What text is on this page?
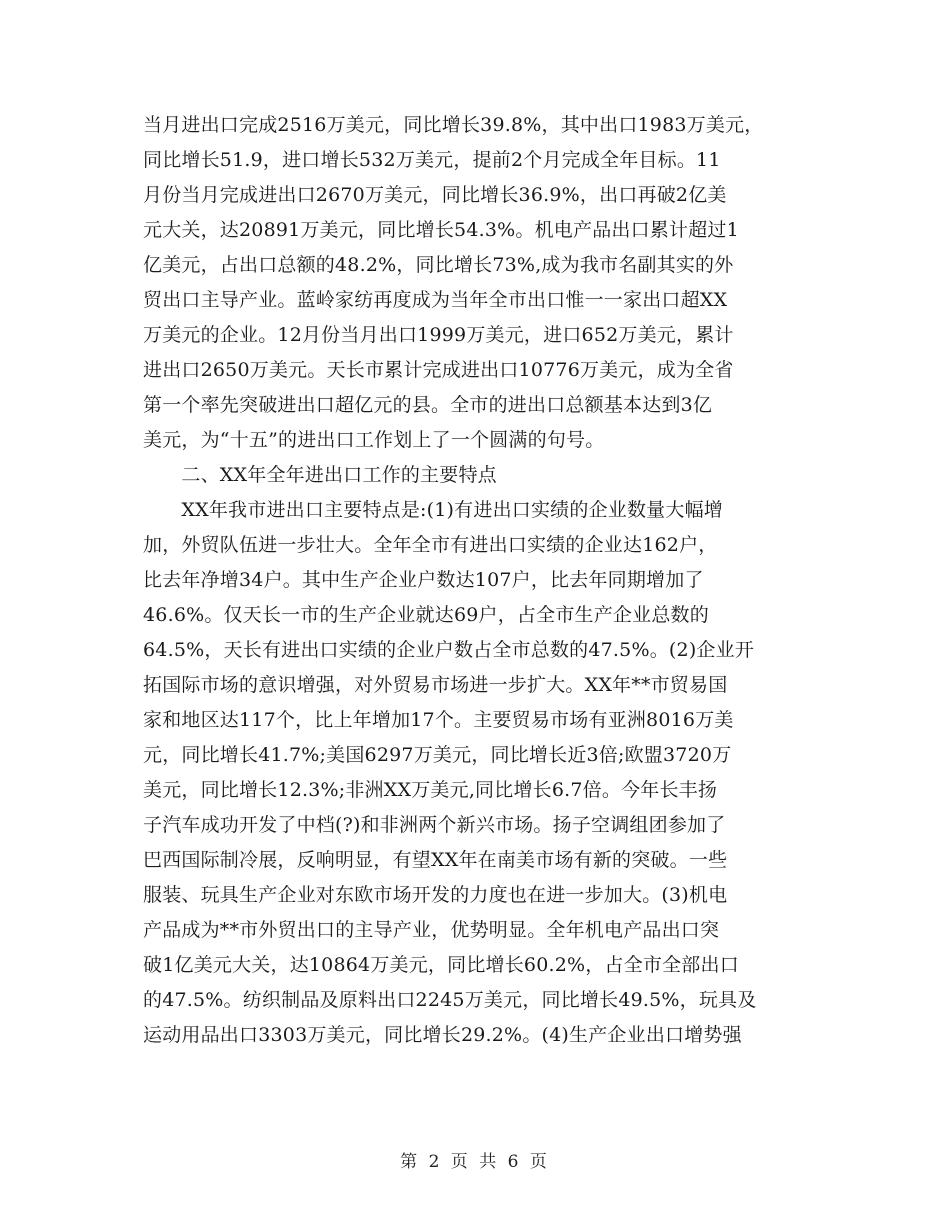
当月进出口完成2516万美元，同比增长39.8%，其中出口1983万美元，
同比增长51.9，进口增长532万美元，提前2个月完成全年目标。11
月份当月完成进出口2670万美元，同比增长36.9%，出口再破2亿美
元大关，达20891万美元，同比增长54.3%。机电产品出口累计超过1
亿美元，占出口总额的48.2%，同比增长73%,成为我市名副其实的外
贸出口主导产业。蓝岭家纺再度成为当年全市出口惟一一家出口超XX
万美元的企业。12月份当月出口1999万美元，进口652万美元，累计
进出口2650万美元。天长市累计完成进出口10776万美元，成为全省
第一个率先突破进出口超亿元的县。全市的进出口总额基本达到3亿
美元，为“十五”的进出口工作划上了一个圆满的句号。
　　二、XX年全年进出口工作的主要特点
　　XX年我市进出口主要特点是:(1)有进出口实绩的企业数量大幅增
加，外贸队伍进一步壮大。全年全市有进出口实绩的企业达162户，
比去年净增34户。其中生产企业户数达107户，比去年同期增加了
46.6%。仅天长一市的生产企业就达69户，占全市生产企业总数的
64.5%，天长有进出口实绩的企业户数占全市总数的47.5%。(2)企业开
拓国际市场的意识增强，对外贸易市场进一步扩大。XX年**市贸易国
家和地区达117个，比上年增加17个。主要贸易市场有亚洲8016万美
元，同比增长41.7%;美国6297万美元，同比增长近3倍;欧盟3720万
美元，同比增长12.3%;非洲XX万美元,同比增长6.7倍。今年长丰扬
子汽车成功开发了中档(?)和非洲两个新兴市场。扬子空调组团参加了
巴西国际制冷展，反响明显，有望XX年在南美市场有新的突破。一些
服装、玩具生产企业对东欧市场开发的力度也在进一步加大。(3)机电
产品成为**市外贸出口的主导产业，优势明显。全年机电产品出口突
破1亿美元大关，达10864万美元，同比增长60.2%，占全市全部出口
的47.5%。纺织制品及原料出口2245万美元，同比增长49.5%，玩具及
运动用品出口3303万美元，同比增长29.2%。(4)生产企业出口增势强
第 2 页 共 6 页
